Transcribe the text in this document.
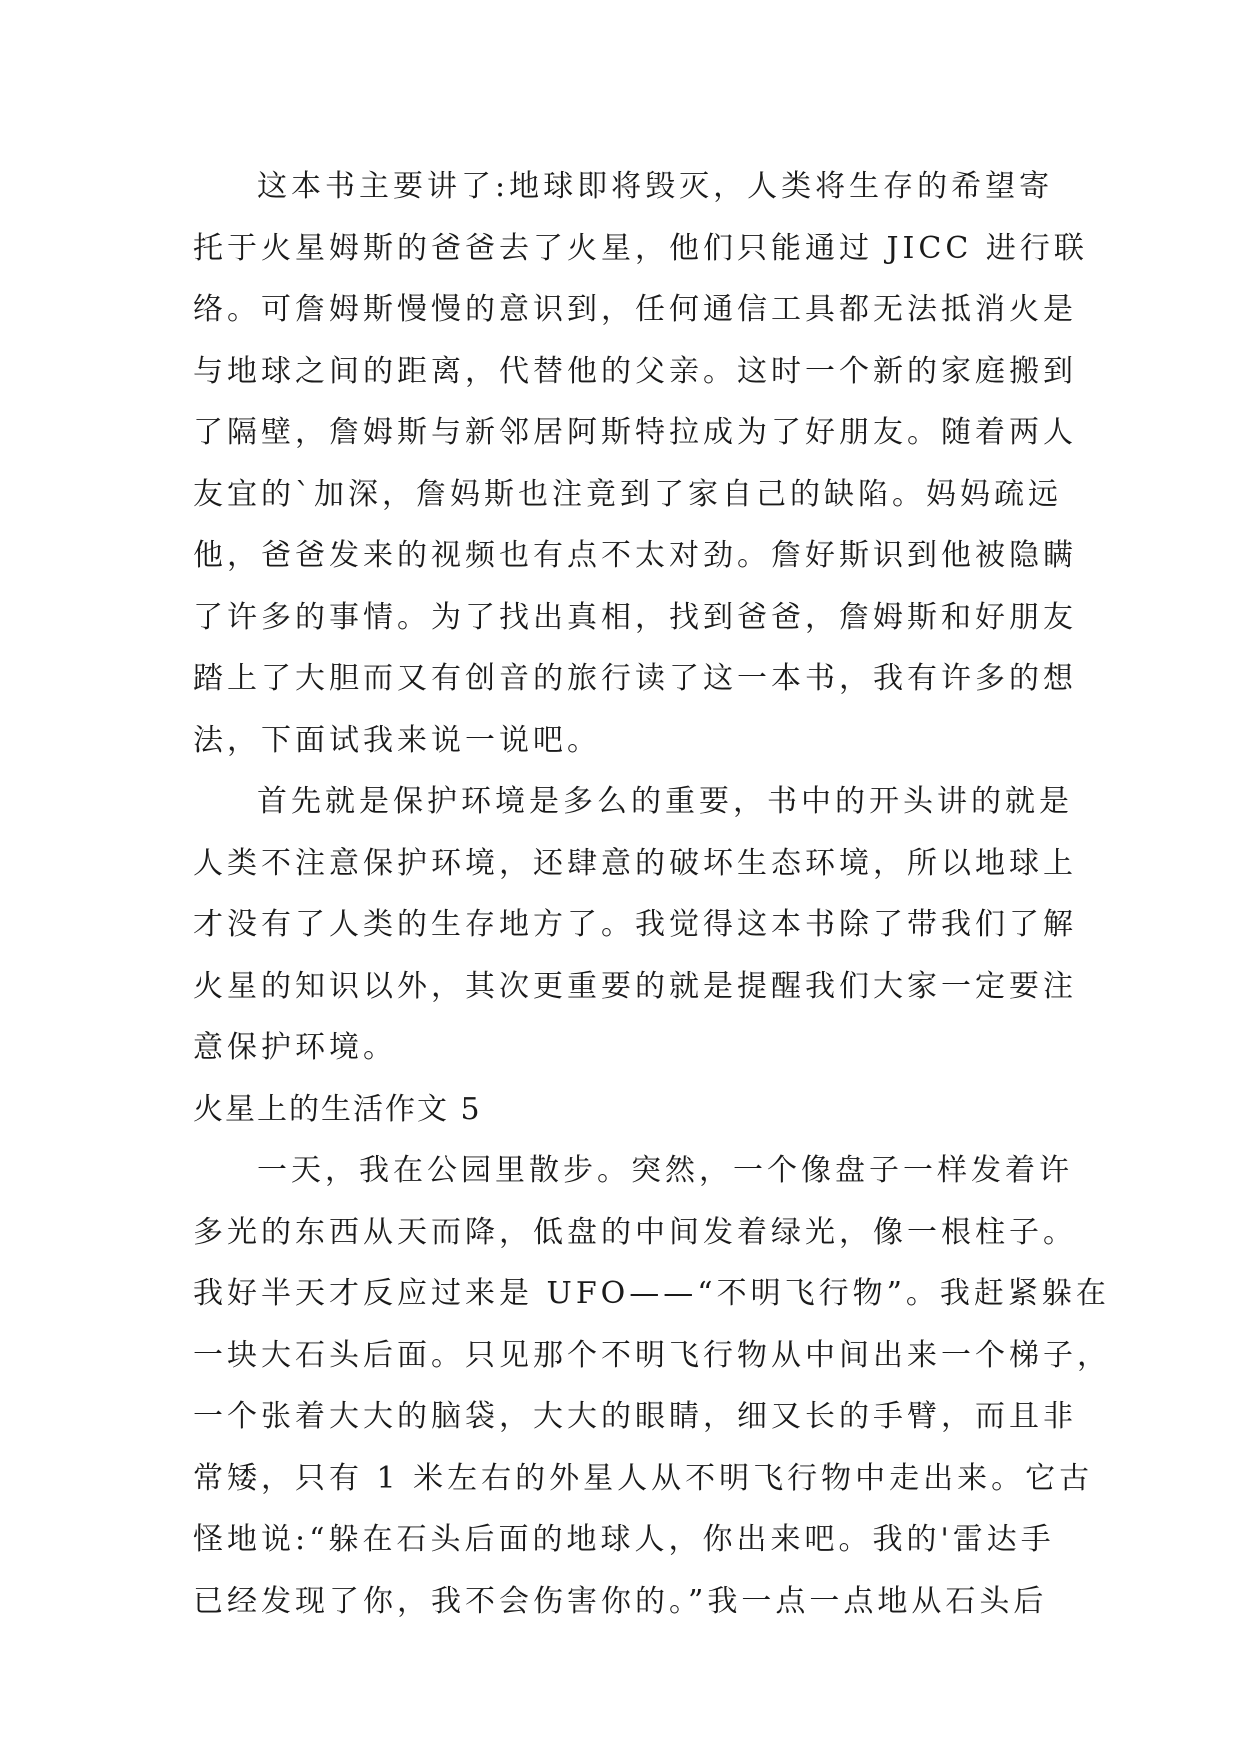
这本书主要讲了:地球即将毁灭，人类将生存的希望寄
托于火星姆斯的爸爸去了火星，他们只能通过 JICC 进行联
络。可詹姆斯慢慢的意识到，任何通信工具都无法抵消火是
与地球之间的距离，代替他的父亲。这时一个新的家庭搬到
了隔壁，詹姆斯与新邻居阿斯特拉成为了好朋友。随着两人
友宜的`加深，詹妈斯也注竟到了家自己的缺陷。妈妈疏远
他，爸爸发来的视频也有点不太对劲。詹好斯识到他被隐瞒
了许多的事情。为了找出真相，找到爸爸，詹姆斯和好朋友
踏上了大胆而又有创音的旅行读了这一本书，我有许多的想
法，下面试我来说一说吧。
首先就是保护环境是多么的重要，书中的开头讲的就是
人类不注意保护环境，还肆意的破坏生态环境，所以地球上
才没有了人类的生存地方了。我觉得这本书除了带我们了解
火星的知识以外，其次更重要的就是提醒我们大家一定要注
意保护环境。
火星上的生活作文 5
一天，我在公园里散步。突然，一个像盘子一样发着许
多光的东西从天而降，低盘的中间发着绿光，像一根柱子。
我好半天才反应过来是 UFO——“不明飞行物”。我赶紧躲在
一块大石头后面。只见那个不明飞行物从中间出来一个梯子，
一个张着大大的脑袋，大大的眼睛，细又长的手臂，而且非
常矮，只有 1 米左右的外星人从不明飞行物中走出来。它古
怪地说:“躲在石头后面的地球人，你出来吧。我的'雷达手
已经发现了你，我不会伤害你的。”我一点一点地从石头后
